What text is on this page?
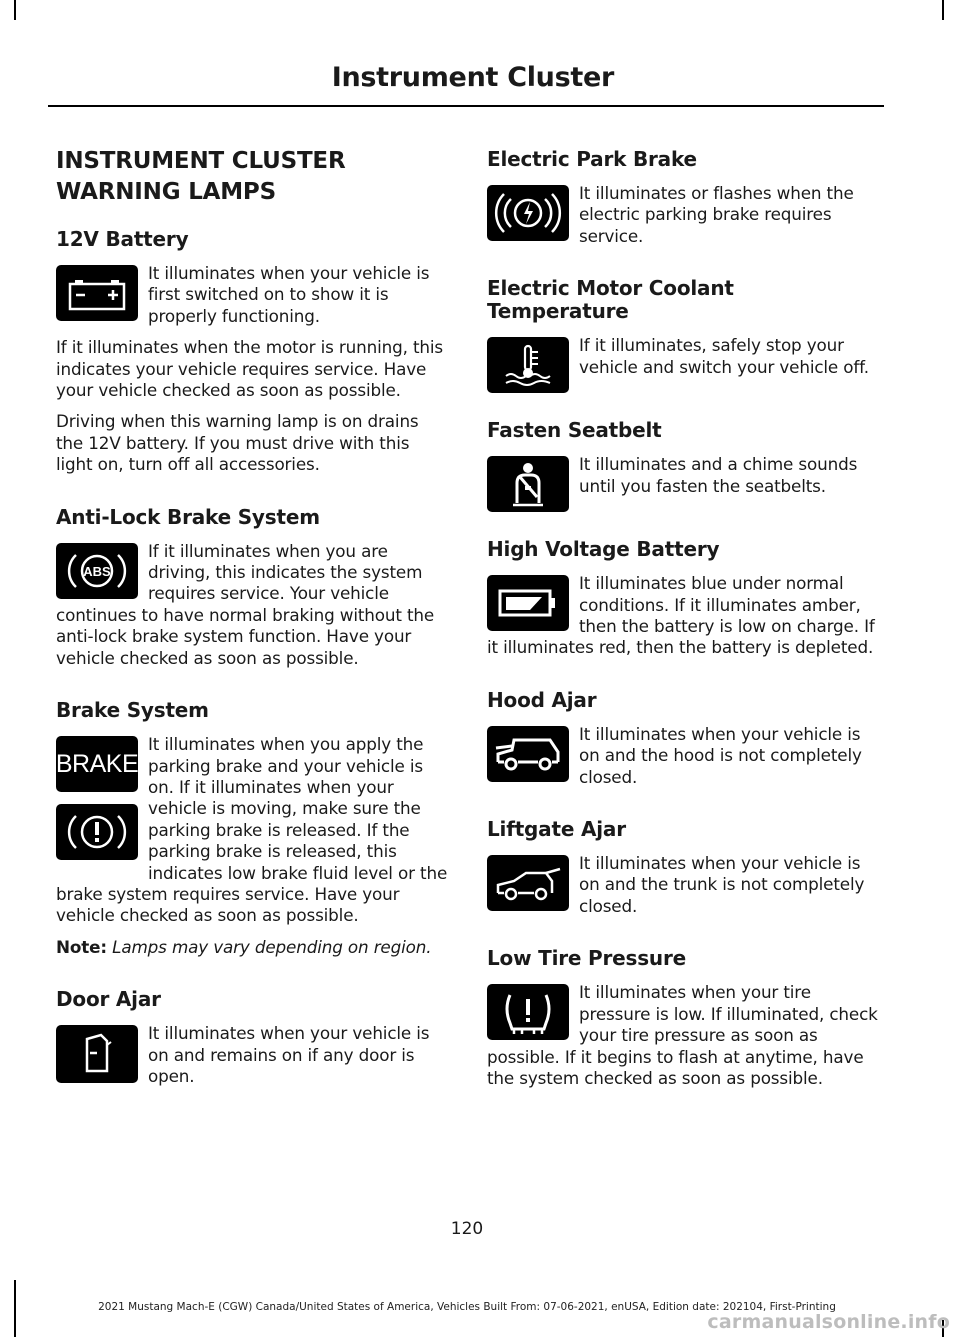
Instrument Cluster
INSTRUMENT CLUSTER
WARNING LAMPS
12V Battery

It illuminates when your vehicle is first switched on to show it is properly functioning.

If it illuminates when the motor is running, this indicates your vehicle requires service. Have your vehicle checked as soon as possible.

Driving when this warning lamp is on drains the 12V battery. If you must drive with this light on, turn off all accessories.

Anti-Lock Brake System
ABS

If it illuminates when you are driving, this indicates the system requires service. Your vehicle continues to have normal braking without the anti-lock brake system function. Have your vehicle checked as soon as possible.

Brake System
BRAKE

It illuminates when you apply the parking brake and your vehicle is on. If it illuminates when your vehicle is moving, make sure the parking brake is released. If the parking brake is released, this indicates low brake fluid level or the brake system requires service. Have your vehicle checked as soon as possible.

Note: Lamps may vary depending on region.

Door Ajar

It illuminates when your vehicle is on and remains on if any door is open.

Electric Park Brake

It illuminates or flashes when the electric parking brake requires service.

Electric Motor Coolant Temperature

If it illuminates, safely stop your vehicle and switch your vehicle off.

Fasten Seatbelt

It illuminates and a chime sounds until you fasten the seatbelts.

High Voltage Battery

It illuminates blue under normal conditions. If it illuminates amber, then the battery is low on charge. If it illuminates red, then the battery is depleted.

Hood Ajar

It illuminates when your vehicle is on and the hood is not completely closed.

Liftgate Ajar

It illuminates when your vehicle is on and the trunk is not completely closed.

Low Tire Pressure

It illuminates when your tire pressure is low. If illuminated, check your tire pressure as soon as possible. If it begins to flash at anytime, have the system checked as soon as possible.

120
2021 Mustang Mach-E (CGW) Canada/United States of America, Vehicles Built From: 07-06-2021, enUSA, Edition date: 202104, First-Printing
carmanualsonline.info
